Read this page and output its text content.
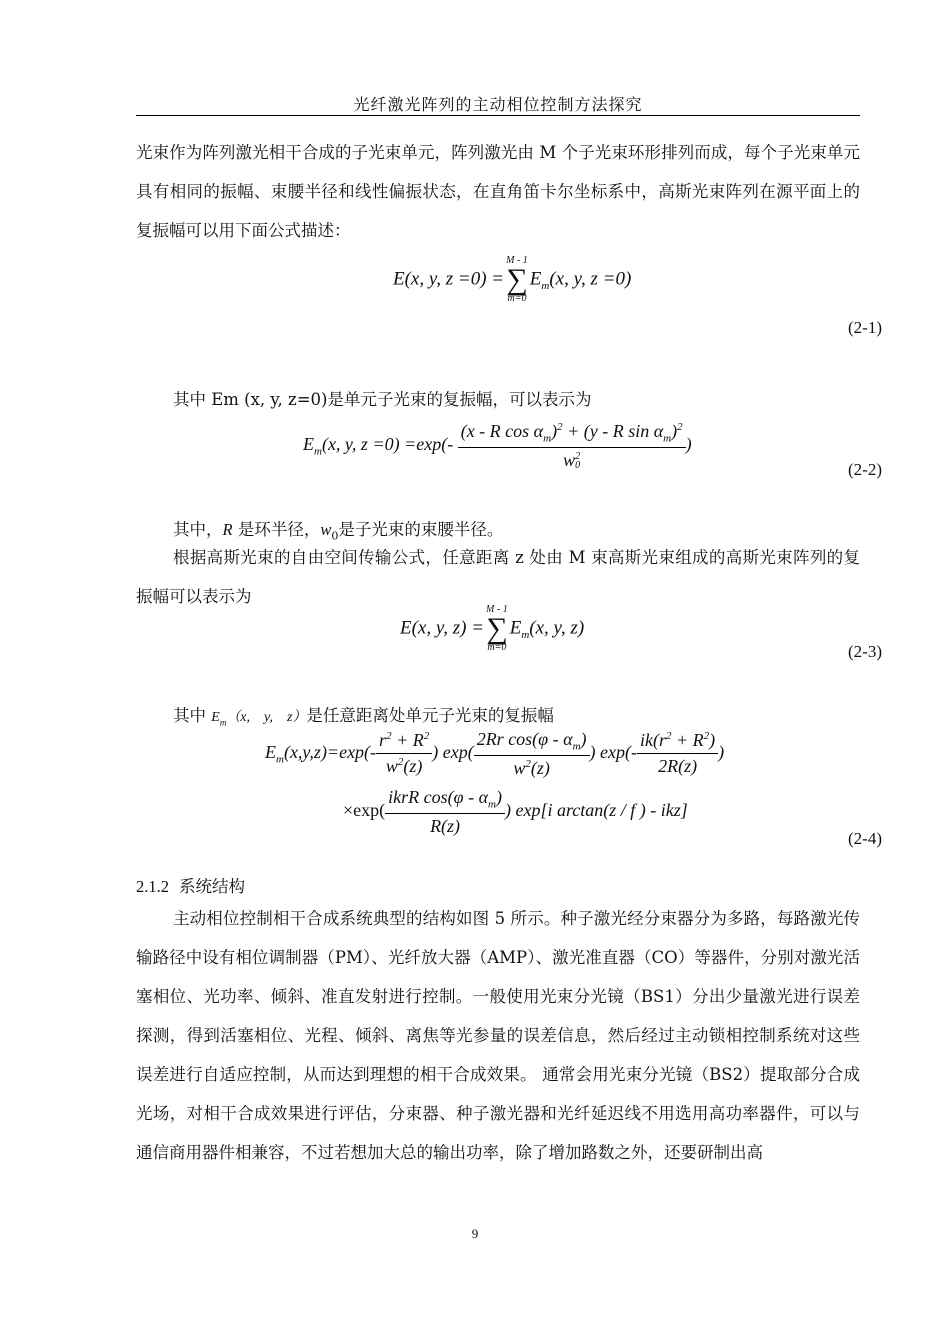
光纤激光阵列的主动相位控制方法探究
光束作为阵列激光相干合成的子光束单元，阵列激光由 M 个子光束环形排列而成，每个子光束单元具有相同的振幅、束腰半径和线性偏振状态，在直角笛卡尔坐标系中，高斯光束阵列在源平面上的复振幅可以用下面公式描述：
E(x, y, z =0) =
M - 1
∑
m=0
$E_m(x$, y, z =0)
(2-1)
其中 Em (x, y, z=0)是单元子光束的复振幅，可以表示为
$E_m(x$, y, z =0) =exp(- (x - R $\cos \alpha_m)^2 + (y - R$ $\sin \alpha_m)^2$
w 2
0 )
(2-2)
其中，R 是环半径，$w_0$是子光束的束腰半径。
根据高斯光束的自由空间传输公式，任意距离 z 处由 M 束高斯光束组成的高斯光束阵列的复振幅可以表示为
E(x, y, z) =
M - 1
∑
m=0
$E_m(x$, y, z)
(2-3)
其中 $E_m(x$,　y,　z）是任意距离处单元子光束的复振幅
$E_m(x,y,z)=\exp(- \frac{r^2 + R^2}{w^2(z)}$ ) $\exp( \frac{2Rr \cos(\varphi - \alpha_m)}{w^2(z)}$ ) $\exp(- \frac{ik(r^2 + R^2)}{2R(z)}$ )
$\times\exp( \frac{ikrR \cos(\varphi - \alpha_m)}{R(z)}$ ) exp[i arctan(z / f ) - ikz]
(2-4)
2.1.2 系统结构
主动相位控制相干合成系统典型的结构如图 5 所示。种子激光经分束器分为多路，每路激光传输路径中设有相位调制器（PM）、光纤放大器（AMP）、激光准直器（CO）等器件，分别对激光活塞相位、光功率、倾斜、准直发射进行控制。一般使用光束分光镜（BS1）分出少量激光进行误差探测，得到活塞相位、光程、倾斜、离焦等光参量的误差信息，然后经过主动锁相控制系统对这些误差进行自适应控制，从而达到理想的相干合成效果。 通常会用光束分光镜（BS2）提取部分合成光场，对相干合成效果进行评估，分束器、种子激光器和光纤延迟线不用选用高功率器件，可以与通信商用器件相兼容，不过若想加大总的输出功率，除了增加路数之外，还要研制出高
9
